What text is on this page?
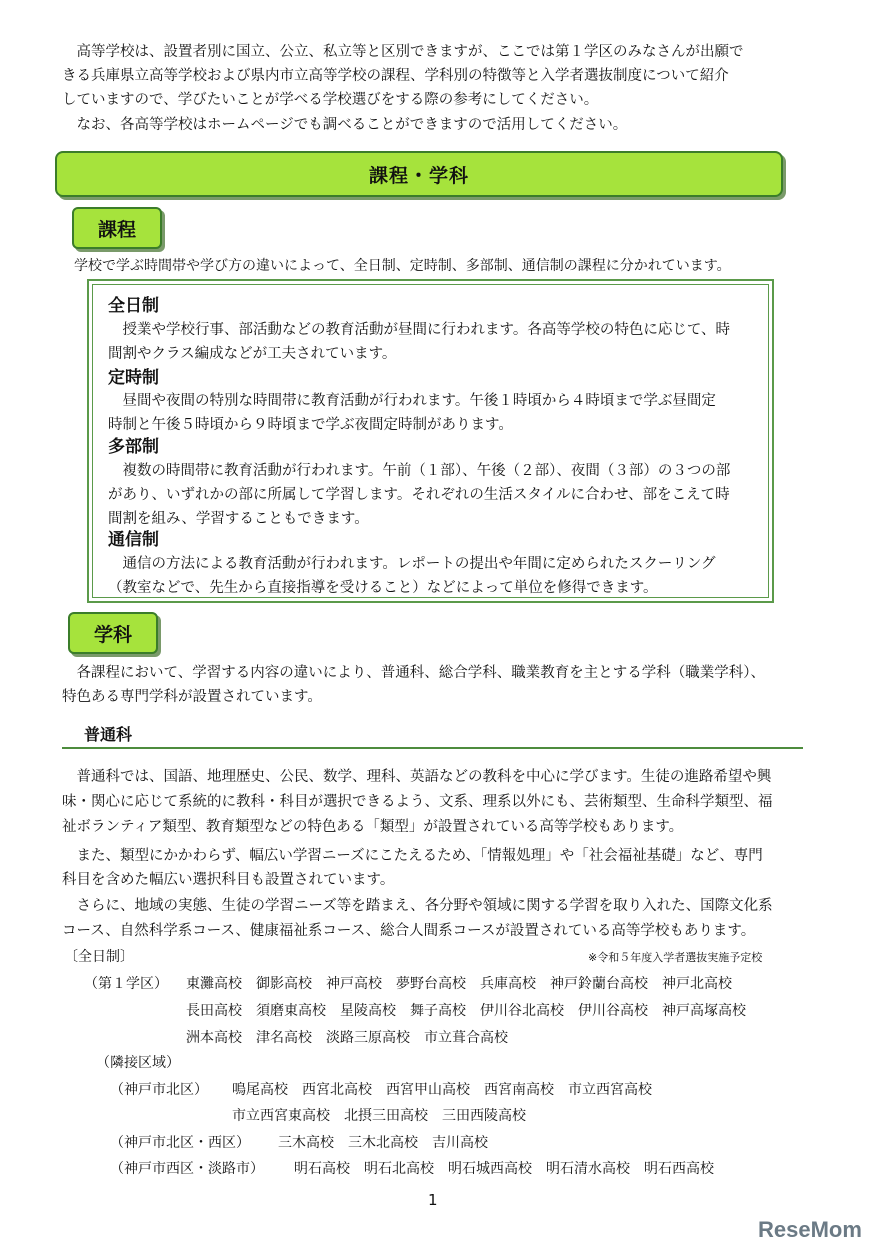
　高等学校は、設置者別に国立、公立、私立等と区別できますが、ここでは第１学区のみなさんが出願で
きる兵庫県立高等学校および県内市立高等学校の課程、学科別の特徴等と入学者選抜制度について紹介
していますので、学びたいことが学べる学校選びをする際の参考にしてください。
　なお、各高等学校はホームページでも調べることができますので活用してください。
課程・学科
課程
学校で学ぶ時間帯や学び方の違いによって、全日制、定時制、多部制、通信制の課程に分かれています。
全日制
　授業や学校行事、部活動などの教育活動が昼間に行われます。各高等学校の特色に応じて、時
間割やクラス編成などが工夫されています。
定時制
　昼間や夜間の特別な時間帯に教育活動が行われます。午後１時頃から４時頃まで学ぶ昼間定
時制と午後５時頃から９時頃まで学ぶ夜間定時制があります。
多部制
　複数の時間帯に教育活動が行われます。午前（１部）、午後（２部）、夜間（３部）の３つの部
があり、いずれかの部に所属して学習します。それぞれの生活スタイルに合わせ、部をこえて時
間割を組み、学習することもできます。
通信制
　通信の方法による教育活動が行われます。レポートの提出や年間に定められたスクーリング
（教室などで、先生から直接指導を受けること）などによって単位を修得できます。
学科
　各課程において、学習する内容の違いにより、普通科、総合学科、職業教育を主とする学科（職業学科）、
特色ある専門学科が設置されています。
普通科
　普通科では、国語、地理歴史、公民、数学、理科、英語などの教科を中心に学びます。生徒の進路希望や興
味・関心に応じて系統的に教科・科目が選択できるよう、文系、理系以外にも、芸術類型、生命科学類型、福
祉ボランティア類型、教育類型などの特色ある「類型」が設置されている高等学校もあります。
　また、類型にかかわらず、幅広い学習ニーズにこたえるため、「情報処理」や「社会福祉基礎」など、専門
科目を含めた幅広い選択科目も設置されています。
　さらに、地域の実態、生徒の学習ニーズ等を踏まえ、各分野や領域に関する学習を取り入れた、国際文化系
コース、自然科学系コース、健康福祉系コース、総合人間系コースが設置されている高等学校もあります。
〔全日制〕	※令和５年度入学者選抜実施予定校
（第１学区） 東灘高校 御影高校 神戸高校 夢野台高校 兵庫高校 神戸鈴蘭台高校 神戸北高校
長田高校 須磨東高校 星陵高校 舞子高校 伊川谷北高校 伊川谷高校 神戸高塚高校
洲本高校 津名高校 淡路三原高校 市立葺合高校
（隣接区域）
（神戸市北区） 鳴尾高校 西宮北高校 西宮甲山高校 西宮南高校 市立西宮高校
市立西宮東高校 北摂三田高校 三田西陵高校
（神戸市北区・西区） 三木高校 三木北高校 吉川高校
（神戸市西区・淡路市） 明石高校 明石北高校 明石城西高校 明石清水高校 明石西高校
1
ReseMom
